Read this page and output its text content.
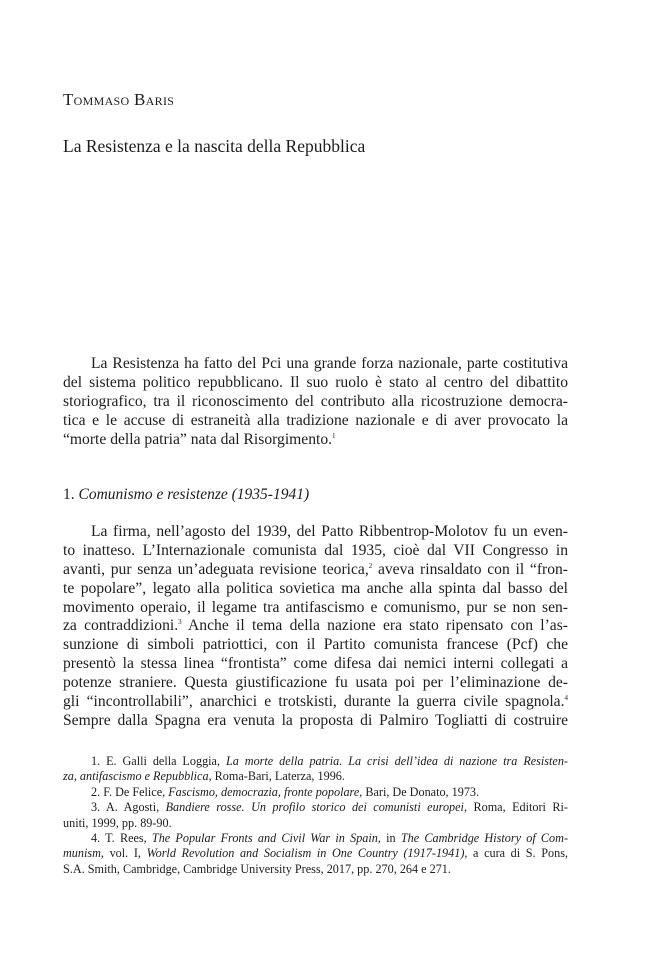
Tommaso Baris
La Resistenza e la nascita della Repubblica
La Resistenza ha fatto del Pci una grande forza nazionale, parte costitutiva
del sistema politico repubblicano. Il suo ruolo è stato al centro del dibattito
storiografico, tra il riconoscimento del contributo alla ricostruzione democra-
tica e le accuse di estraneità alla tradizione nazionale e di aver provocato la
“morte della patria” nata dal Risorgimento.$^1$
1. Comunismo e resistenze (1935-1941)
La firma, nell’agosto del 1939, del Patto Ribbentrop-Molotov fu un even-
to inatteso. L’Internazionale comunista dal 1935, cioè dal VII Congresso in
avanti, pur senza un’adeguata revisione teorica,$^2$ aveva rinsaldato con il “fron-
te popolare”, legato alla politica sovietica ma anche alla spinta dal basso del
movimento operaio, il legame tra antifascismo e comunismo, pur se non sen-
za contraddizioni.$^3$ Anche il tema della nazione era stato ripensato con l’as-
sunzione di simboli patriottici, con il Partito comunista francese (Pcf) che
presentò la stessa linea “frontista” come difesa dai nemici interni collegati a
potenze straniere. Questa giustificazione fu usata poi per l’eliminazione de-
gli “incontrollabili”, anarchici e trotskisti, durante la guerra civile spagnola.$^4$
Sempre dalla Spagna era venuta la proposta di Palmiro Togliatti di costruire
1. E. Galli della Loggia, La morte della patria. La crisi dell’idea di nazione tra Resisten-
za, antifascismo e Repubblica, Roma-Bari, Laterza, 1996.
2. F. De Felice, Fascismo, democrazia, fronte popolare, Bari, De Donato, 1973.
3. A. Agosti, Bandiere rosse. Un profilo storico dei comunisti europei, Roma, Editori Ri-
uniti, 1999, pp. 89-90.
4. T. Rees, The Popular Fronts and Civil War in Spain, in The Cambridge History of Com-
munism, vol. I, World Revolution and Socialism in One Country (1917-1941), a cura di S. Pons,
S.A. Smith, Cambridge, Cambridge University Press, 2017, pp. 270, 264 e 271.
